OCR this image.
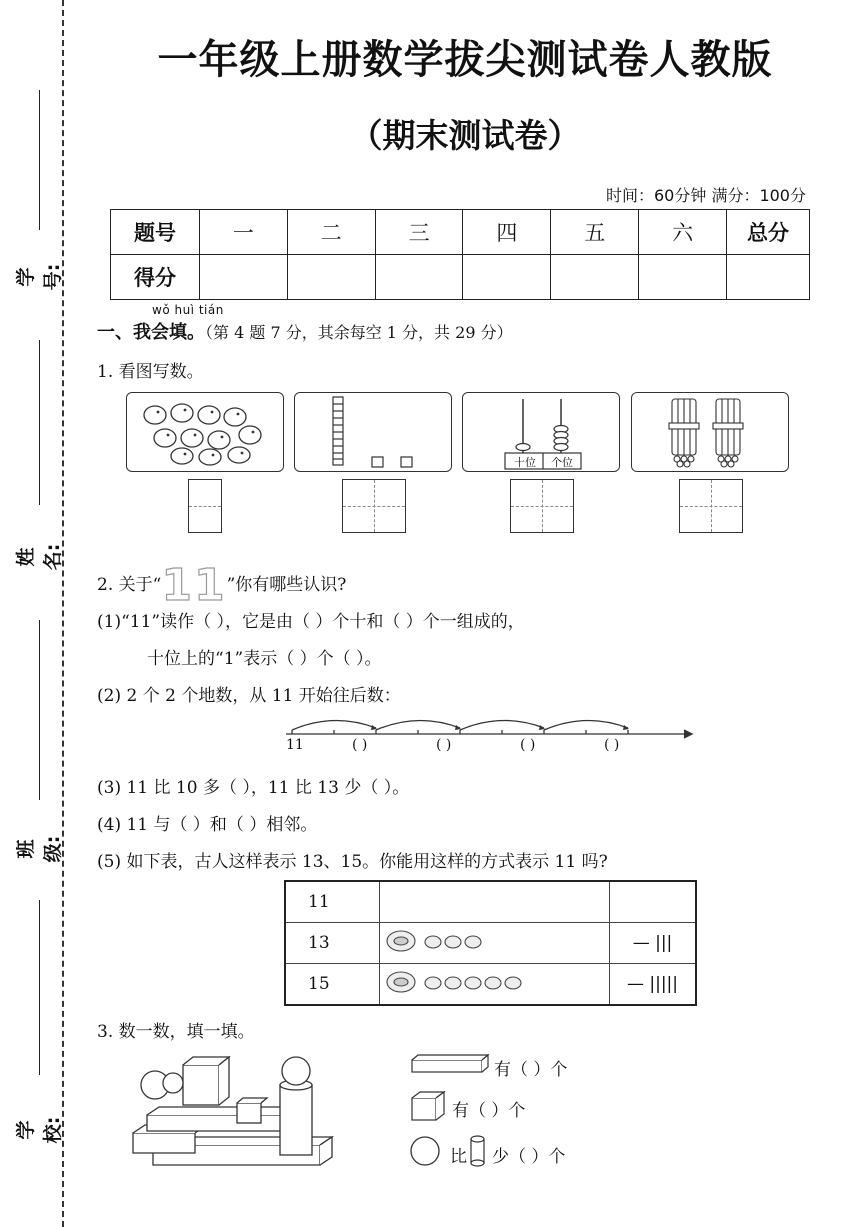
学号:
姓名:
班级:
学校:
一年级上册数学拔尖测试卷人教版
（期末测试卷）
时间：60分钟 满分：100分
题号	一	二	三	四	五	六	总分
得分							
wǒ huì tián
一、我会填。（第 4 题 7 分，其余每空 1 分，共 29 分）
1. 看图写数。
十位	个位
2. 关于“11”你有哪些认识?
(1)“11”读作（ ），它是由（ ）个十和（ ）个一组成的，
十位上的“1”表示（ ）个（ ）。
(2) 2 个 2 个地数，从 11 开始往后数：
11	( )	( )	( )	( )
(3) 11 比 10 多（ ），11 比 13 少（ ）。
(4) 11 与（ ）和（ ）相邻。
(5) 如下表，古人这样表示 13、15。你能用这样的方式表示 11 吗?
11		
13		— |||
15		— |||||
3. 数一数，填一填。
有（ ）个
有（ ）个
比 少（ ）个
